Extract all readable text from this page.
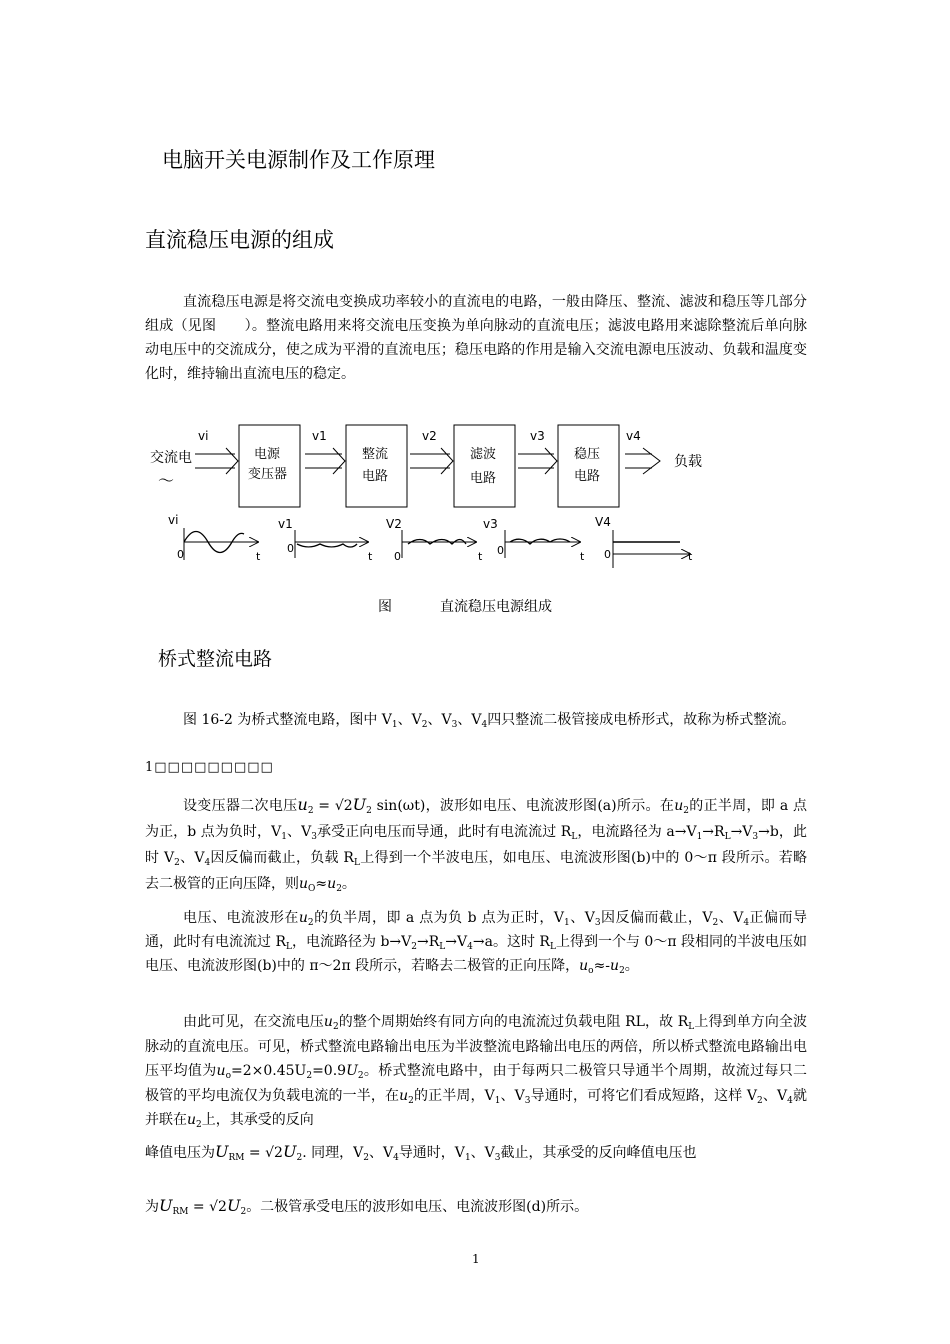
电脑开关电源制作及工作原理
直流稳压电源的组成
直流稳压电源是将交流电变换成功率较小的直流电的电路，一般由降压、整流、滤波和稳压等几部分组成（见图　　）。整流电路用来将交流电压变换为单向脉动的直流电压；滤波电路用来滤除整流后单向脉动电压中的交流成分，使之成为平滑的直流电压；稳压电路的作用是输入交流电源电压波动、负载和温度变化时，维持输出直流电压的稳定。
交流电
～
vi	v1	v2	v3	v4
电源
变压器
整流
电路
滤波
电路
稳压
电路
负载
vi	v1	V2	v3	V4
0	0
0	0	0
t	t	t	t	t
图	直流稳压电源组成
桥式整流电路
图 16-2 为桥式整流电路，图中 $V_1$、$V_2$、$V_3$、$V_4$四只整流二极管接成电桥形式，故称为桥式整流。
1□□□□□□□□□
设变压器二次电压$u_2 = √2U_2$ sin(ωt)，波形如电压、电流波形图(a)所示。在$u_2$的正半周，即 a 点为正，b 点为负时，$V_1$、$V_3$承受正向电压而导通，此时有电流流过 $R_L$，电流路径为 $a\to V_1\to R_L\to V_3\to b$，此时 $V_2$、$V_4$因反偏而截止，负载 $R_L$上得到一个半波电压，如电压、电流波形图(b)中的 0～π 段所示。若略去二极管的正向压降，则$u_O\approx u_2$。
电压、电流波形在$u_2$的负半周，即 a 点为负 b 点为正时，$V_1$、$V_3$因反偏而截止，$V_2$、$V_4$正偏而导通，此时有电流流过 $R_L$，电流路径为 $b\to V_2\to R_L\to V_4\to a$。这时 $R_L$上得到一个与 0～π 段相同的半波电压如电压、电流波形图(b)中的 π～2π 段所示，若略去二极管的正向压降，$u_o\approx-u_2$。
由此可见，在交流电压$u_2$的整个周期始终有同方向的电流流过负载电阻 RL，故 $R_L$上得到单方向全波脉动的直流电压。可见，桥式整流电路输出电压为半波整流电路输出电压的两倍，所以桥式整流电路输出电压平均值为$u_o=2\times 0.45U_2=0.9U_2$。桥式整流电路中，由于每两只二极管只导通半个周期，故流过每只二极管的平均电流仅为负载电流的一半，在$u_2$的正半周，$V_1$、$V_3$导通时，可将它们看成短路，这样 $V_2$、$V_4$就并联在$u_2$上，其承受的反向
峰值电压为$U_{RM} = √2U_2$. 同理，$V_2$、$V_4$导通时，$V_1$、$V_3$截止，其承受的反向峰值电压也
为$U_{RM} = √2U_2$。二极管承受电压的波形如电压、电流波形图(d)所示。
1
